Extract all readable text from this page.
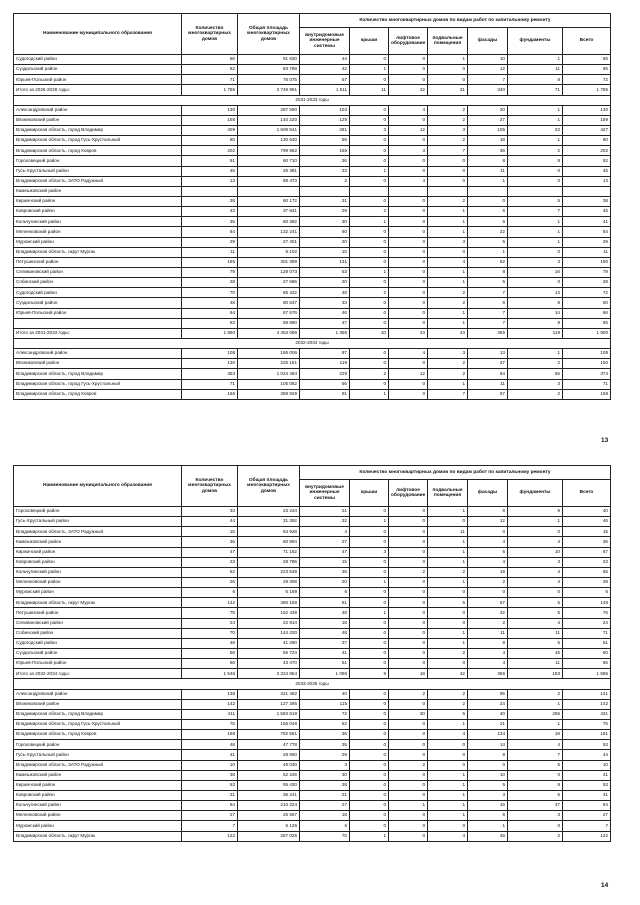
Наименование муниципального образования	Количество многоквартирных домов	Общая площадь многоквартирных домов	Количество многоквартирных домов по видам работ по капитальному ремонту						
			внутридомовые инженерные системы	крыши	лифтовое оборудование	подвальные помещения	фасады	фундаменты	Всего
Судогодский район	56	91 830	44	0	0	1	10	1	56
Суздальский район	62	83 768	42	1	0	0	12	11	66
Юрьев-Польский район	71	76 075	57	0	0	0	7	8	72
Итого за 2026-2028 годы:	1 786	3 749 991	1 511	11	22	31	340	71	1 785
2031-2033 годы									
Александровский район	130	287 590	103	0	4	2	20	1	130
Вязниковский район	158	140 220	129	0	0	2	27	1	159
Владимирская область, город Владимир	409	1 609 541	281	3	12	3	105	23	427
Владимирская область, город Гусь-Хрустальный	80	130 630	59	0	0	2	18	1	80
Владимирская область, город Ковров	202	799 862	165	0	3	7	36	2	202
Гороховецкий район	51	60 710	36	0	0	0	8	8	52
Гусь-Хрустальный район	45	25 381	33	1	0	0	11	0	45
Владимирская область, ЗАТО Радужный	13	88 473	2	0	4	0	1	0	13
Камешковский район									
Киржачский район	38	60 172	31	0	0	2	0	5	38
Ковровский район	43	37 841	29	2	0	1	6	7	45
Кольчугинский район	35	50 362	30	1	0	1	6	1	41
Меленковский район	84	132 241	60	0	0	1	22	1	84
Муромский район	29	27 401	20	0	0	3	5	1	29
Владимирская область, округ Муром	11	8 102	10	0	0	0	1	0	11
Петушинский район	185	301 399	131	0	0	4	52	3	190
Селивановский район	79	128 073	53	1	0	1	8	16	79
Собинский район	28	27 686	20	0	0	1	5	0	28
Судогодский район	70	85 422	48	2	0	2	7	13	72
Суздальский район	48	80 637	33	0	0	2	6	8	50
Юрьев-Польский район	64	67 576	46	0	0	1	7	14	66
	63	58 880	47	0	0	1	7	8	65
Итого за 2031-2033 годы:	1 860	4 453 086	1 356	10	23	43	365	119	1 900
2032-2034 годы									
Александровский район	108	186 006	87	0	4	3	13	1	108
Вязниковский район	130	225 181	119	0	0	2	27	2	150
Владимирская область, город Владимир	353	1 024 484	229	2	12	2	64	65	374
Владимирская область, город Гусь-Хрустальный	71	105 082	56	0	0	1	11	3	71
Владимирская область, город Ковров	166	389 929	91	1	0	7	67	2	168
13
Наименование муниципального образования	Количество многоквартирных домов	Общая площадь многоквартирных домов	Количество многоквартирных домов по видам работ по капитальному ремонту						
			внутридомовые инженерные системы	крыши	лифтовое оборудование	подвальные помещения	фасады	фундаменты	Всего
Гороховецкий район	33	23 244	21	0	0	1	6	9	40
Гусь-Хрустальный район	44	31 392	32	1	0	0	12	1	46
Владимирская область, ЗАТО Радужный	15	64 928	4	0	0	11	0	0	15
Камешковский район	36	50 894	27	0	0	1	4	4	36
Киржачский район	47	71 162	47	3	0	1	6	10	67
Ковровский район	23	28 786	15	0	0	1	4	3	23
Кольчугинский район	62	223 539	38	0	2	2	19	4	65
Меленковский район	26	29 308	20	1	0	1	2	4	28
Муромский район	6	5 189	6	0	0	0	0	0	6
Владимирская область, округ Муром	142	386 158	81	0	0	5	57	5	148
Петушинский район	75	152 439	48	1	0	0	22	5	76
Селивановский район	24	22 914	18	0	0	0	2	4	24
Собинский район	70	144 330	48	0	0	1	11	11	71
Судогодский район	48	41 290	37	0	0	1	8	5	51
Суздальский район	56	56 724	41	0	0	2	4	15	60
Юрьев-Польский район	66	43 470	51	0	0	0	4	11	66
Итого за 2032-2034 годы:	1 546	3 324 854	1 096	9	18	42	366	183	1 596
2033-2035 годы									
Александровский район	138	321 462	40	0	2	2	95	2	141
Вязниковский район	142	127 286	115	0	0	2	24	1	142
Владимирская область, город Владимир	411	1 583 618	72	0	30	5	40	265	431
Владимирская область, город Гусь-Хрустальный	75	156 048	62	0	0	1	21	1	75
Владимирская область, город Ковров	188	782 581	36	0	0	4	134	18	191
Гороховецкий район	48	47 778	35	0	0	0	14	4	53
Гусь-Хрустальный район	41	28 650	29	0	0	0	8	7	44
Владимирская область, ЗАТО Радужный	10	49 030	3	0	2	0	0	5	10
Камешковский район	38	52 245	30	0	0	1	10	0	41
Киржачский район	53	55 430	38	0	0	1	5	8	53
Ковровский район	31	36 241	21	0	0	1	3	6	31
Кольчугинский район	84	210 224	27	0	1	1	16	37	84
Меленковский район	27	25 567	18	0	0	1	5	3	27
Муромский район	7	6 126	6	0	0	0	1	0	7
Владимирская область, округ Муром	122	267 025	70	1	0	4	46	2	122
14
